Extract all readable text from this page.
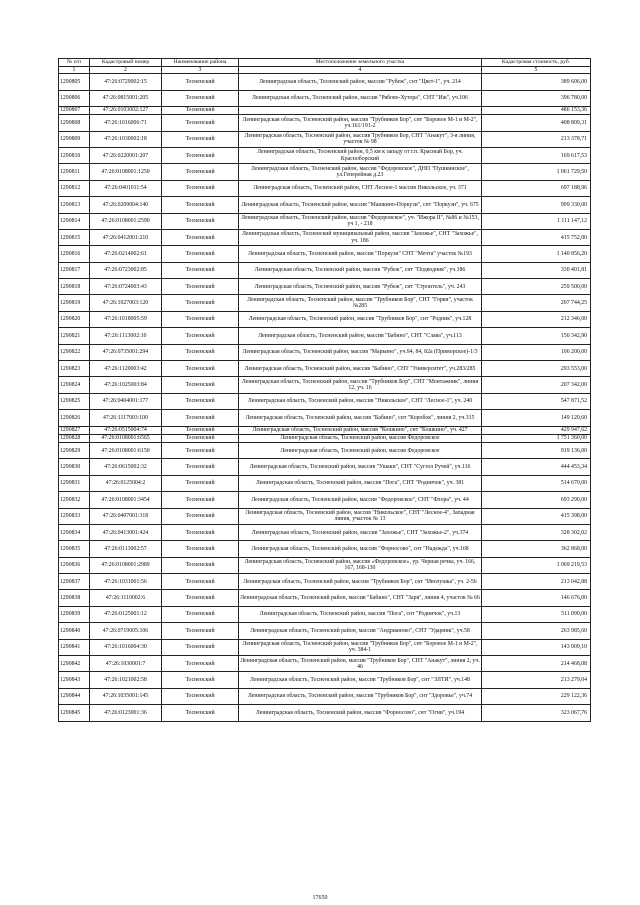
№ п/п	Кадастровый номер	Наименование района	Местоположение земельного участка	Кадастровая стоимость, руб.
1	2	3	4	5
1290805	47:26:0729002:15	Тосненский	Ленинградская область, Тосненский район, массив "Рубеж", снт "Цвет-1", уч. 214	389 606,00
1290806	47:26:0815001:205	Тосненский	Ленинградская область, Тосненский район, массив "Рябово-Хутора", СНТ "Иж", уч.106	396 780,00
1290807	47:26:0103002:127	Тосненский		486 153,36
1290808	47:26:1016006:71	Тосненский	Ленинградская область, Тосненский район, массив "Трубников Бор", снт "Боровое М-1 и М-2", уч.161/191-2	408 809,31
1290809	47:26:1030002:18	Тосненский	Ленинградская область, Тосненский район, массив Трубников Бор, СНТ "Анакут", 3-я линия, участок № 98	213 378,71
1290810	47:26:0220001:207	Тосненский	Ленинградская область, Тосненский район, 0,5 км к западу от г.п. Красный Бор, уч. Красноборский	169 617,53
1290811	47:26:0108001:1250	Тосненский	Ленинградская область, Тосненский район, массив "Федоровское", ДНП "Пушкинское", ул.Генерейная д.23	1 061 729,50
1290812	47:26:0401011:54	Тосненский	Ленинградская область, Тосненский район, СНТ Лесное-1 массив Никольское, уч. 371	697 188,96
1290813	47:26:0209004:140	Тосненский	Ленинградская область, Тосненский район, массив "Машкино-Поркузи", снт "Поркузи", уч. 675	999 330,00
1290814	47:26:0108001:2590	Тосненский	Ленинградская область, Тосненский район, массив "Федоровское", уч. "Ижора II", №86 и №153, уч 1, - 218	1 111 147,12
1290815	47:26:0412001:210	Тосненский	Ленинградская область, Тосненский муниципальный район, массив "Захожье", СНТ "Захожье", уч. 186	415 752,00
1290816	47:26:0214002:61	Тосненский	Ленинградская область, Тосненский район, массив "Поркузи" СНТ "Мечта" участок №193	1 140 856,20
1290817	47:26:0723002:85	Тосненский	Ленинградская область, Тосненский район, массив "Рубеж", снт "Подводник", уч.186	330 401,81
1290818	47:26:0724003:43	Тосненский	Ленинградская область, Тосненский район, массив "Рубеж", снт "Строитель", уч. 243	259 500,00
1290819	47:26:1027003:120	Тосненский	Ленинградская область, Тосненский район, массив "Трубников Бор", СНТ "Горки", участок №285	207 744,25
1290820	47:26:1018005:59	Тосненский	Ленинградская область, Тосненский район, массив "Трубников Бор", снт "Родник", уч.128	212 346,00
1290821	47:26:1113002:10	Тосненский	Ленинградская область, Тосненский район, массив "Бабино", СНТ "Слава", уч.113	150 342,90
1290822	47:26:0735001:294	Тосненский	Ленинградская область, Тосненский район, массив "Марьино", уч.94, 84, 82а (Приморское)-1/3	106 200,00
1290823	47:26:1120003:42	Тосненский	Ленинградская область, Тосненский район, массив "Бабино", СНТ "Университет", уч.283/285	293 553,00
1290824	47:26:1025003:84	Тосненский	Ленинградская область, Тосненский район, массив "Трубников Бор", СНТ "Монтажник", линия 12, уч. 16	207 342,00
1290825	47:26:0404001:177	Тосненский	Ленинградская область, Тосненский район, массив "Никольское", СНТ "Лесное-1", уч. 240	547 871,52
1290826	47:26:1117003:100	Тосненский	Ленинградская область, Тосненский район, массив "Бабино", снт "Коробок", линия 2, уч.315	149 120,60
1290827	47:26:0515004:74	Тосненский	Ленинградская область, Тосненский район, массив "Кошкино", снт "Кошкино", уч. 427	429 947,62
1290828	47:26:0108001:6565	Тосненский	Ленинградская область, Тосненский район, массив Федоровское	1 751 360,00
1290829	47:26:0108001:6150	Тосненский	Ленинградская область, Тосненский район, массив Федоровское	919 136,00
1290830	47:26:0615002:32	Тосненский	Ленинградская область, Тосненский район, массив "Ушаки", СНТ "Сугзол Ручей", уч.116	444 453,34
1290831	47:26:0125004:2	Тосненский	Ленинградская область, Тосненский район, массив "Пога", СНТ "Родничок", уч. 381	514 670,00
1290832	47:26:0108001:3454	Тосненский	Ленинградская область, Тосненский район, массив "Федоровское", СНТ "Флора", уч. 44	693 290,00
1290833	47:26:0407001:318	Тосненский	Ленинградская область, Тосненский район, массив "Никольское", СНТ "Лесное-4", Западная линия, участок № 13	415 398,00
1290834	47:26:0413001:424	Тосненский	Ленинградская область, Тосненский район, массив "Захожье", СНТ "Захожье-2", уч.374	328 302,02
1290835	47:26:0113002:57	Тосненский	Ленинградская область, Тосненский район, массив "Форносово", снт "Надежда", уч.168	362 868,00
1290836	47:26:0108001:2989	Тосненский	Ленинградская область, Тосненский район, массив «Федоровское», ур. Черная речка, уч. 166, 167, 168-130	1 069 219,53
1290837	47:26:1031001:56	Тосненский	Ленинградская область, Тосненский район, массив "Трубников Бор", снт "Иволушка", уч. 2-56	213 042,88
1290838	47:26:1110002:6	Тосненский	Ленинградская область, Тосненский район, массив "Бабино", СНТ "Заря", линия 4, участок № 66	146 676,00
1290839	47:26:0125001:12	Тосненский	Ленинградская область, Тосненский район, массив "Пога", снт "Родничок", уч.13	511 090,00
1290840	47:26:0719005:106	Тосненский	Ленинградская область, Тосненский район, массив "Андрианово", СНТ "Ударник", уч.58	263 985,60
1290841	47:26:1016004:30	Тосненский	Ленинградская область, Тосненский район, массив "Трубников Бор", снт "Боровое М-1 и М-2", уч. 384-1	143 009,10
1290842	47:26:1030001:7	Тосненский	Ленинградская область, Тосненский район, массив "Трубников Бор", СНТ "Анакут", линия 2, уч. 46	214 468,08
1290843	47:26:1021002:58	Тосненский	Ленинградская область, Тосненский район, массив "Трубников Бор", снт "ЭЛТИ", уч.148	213 279,04
1290844	47:26:1035001:145	Тосненский	Ленинградская область, Тосненский район, массив "Трубников Бор", снт "Здоровье", уч.74	229 122,36
1290845	47:26:0123001:36	Тосненский	Ленинградская область, Тосненский район, массив "Форносово", снт "Огни", уч.194	323 067,76
17650
